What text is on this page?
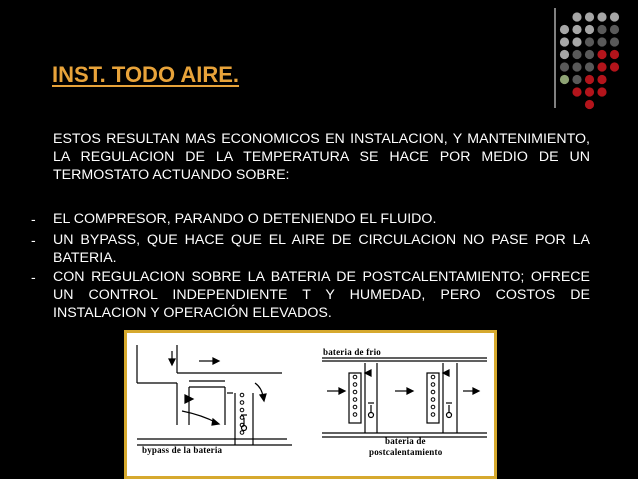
INST. TODO AIRE.

ESTOS RESULTAN MAS ECONOMICOS EN INSTALACION, Y MANTENIMIENTO, LA REGULACION DE LA TEMPERATURA SE HACE POR MEDIO DE UN TERMOSTATO ACTUANDO SOBRE:

- EL COMPRESOR, PARANDO O DETENIENDO EL FLUIDO.

- UN BYPASS, QUE HACE QUE EL AIRE DE CIRCULACION NO PASE POR LA BATERIA.

- CON REGULACION SOBRE LA BATERIA DE POSTCALENTAMIENTO; OFRECE UN CONTROL INDEPENDIENTE T Y HUMEDAD, PERO COSTOS DE INSTALACION Y OPERACIÓN ELEVADOS.

bateria de frio
bypass de la bateria
bateria de
postcalentamiento
